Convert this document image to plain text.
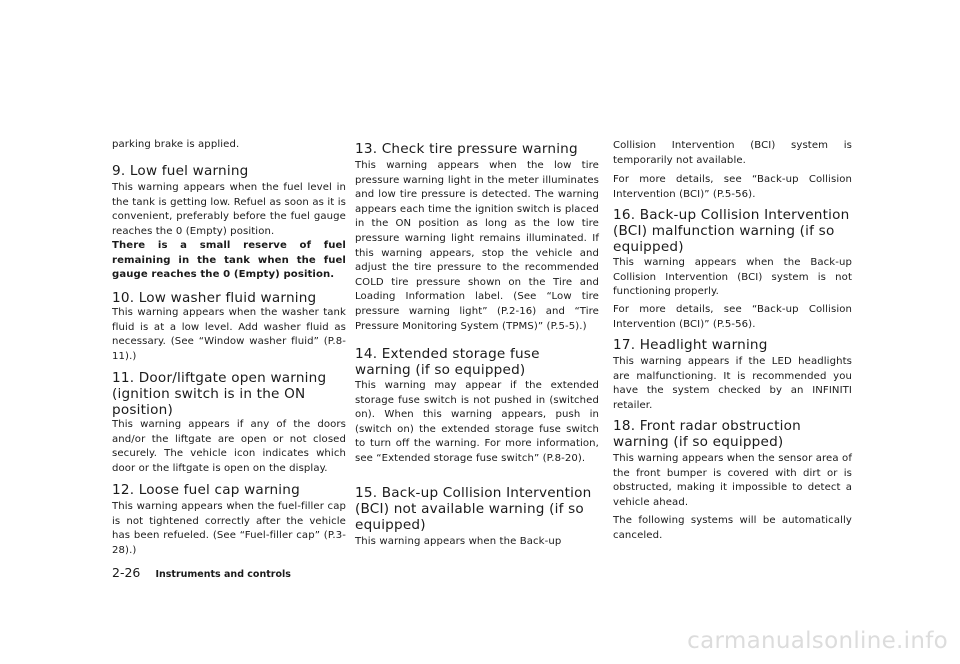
parking brake is applied.

9. Low fuel warning

This warning appears when the fuel level in the tank is getting low. Refuel as soon as it is convenient, preferably before the fuel gauge reaches the 0 (Empty) position.

There is a small reserve of fuel remaining in the tank when the fuel gauge reaches the 0 (Empty) position.

10. Low washer fluid warning

This warning appears when the washer tank fluid is at a low level. Add washer fluid as necessary. (See “Window washer fluid” (P.8-11).)

11. Door/liftgate open warning (ignition switch is in the ON position)

This warning appears if any of the doors and/or the liftgate are open or not closed securely. The vehicle icon indicates which door or the liftgate is open on the display.

12. Loose fuel cap warning

This warning appears when the fuel-filler cap is not tightened correctly after the vehicle has been refueled. (See “Fuel-filler cap” (P.3-28).)

13. Check tire pressure warning

This warning appears when the low tire pressure warning light in the meter illuminates and low tire pressure is detected. The warning appears each time the ignition switch is placed in the ON position as long as the low tire pressure warning light remains illuminated. If this warning appears, stop the vehicle and adjust the tire pressure to the recommended COLD tire pressure shown on the Tire and Loading Information label. (See “Low tire pressure warning light” (P.2-16) and “Tire Pressure Monitoring System (TPMS)” (P.5-5).)

14. Extended storage fuse warning (if so equipped)

This warning may appear if the extended storage fuse switch is not pushed in (switched on). When this warning appears, push in (switch on) the extended storage fuse switch to turn off the warning. For more information, see “Extended storage fuse switch” (P.8-20).

15. Back-up Collision Intervention (BCI) not available warning (if so equipped)

This warning appears when the Back-up

Collision Intervention (BCI) system is temporarily not available.

For more details, see “Back-up Collision Intervention (BCI)” (P.5-56).

16. Back-up Collision Intervention (BCI) malfunction warning (if so equipped)

This warning appears when the Back-up Collision Intervention (BCI) system is not functioning properly.

For more details, see “Back-up Collision Intervention (BCI)” (P.5-56).

17. Headlight warning

This warning appears if the LED headlights are malfunctioning. It is recommended you have the system checked by an INFINITI retailer.

18. Front radar obstruction warning (if so equipped)

This warning appears when the sensor area of the front bumper is covered with dirt or is obstructed, making it impossible to detect a vehicle ahead.

The following systems will be automatically canceled.

2-26 Instruments and controls
carmanualsonline.info
